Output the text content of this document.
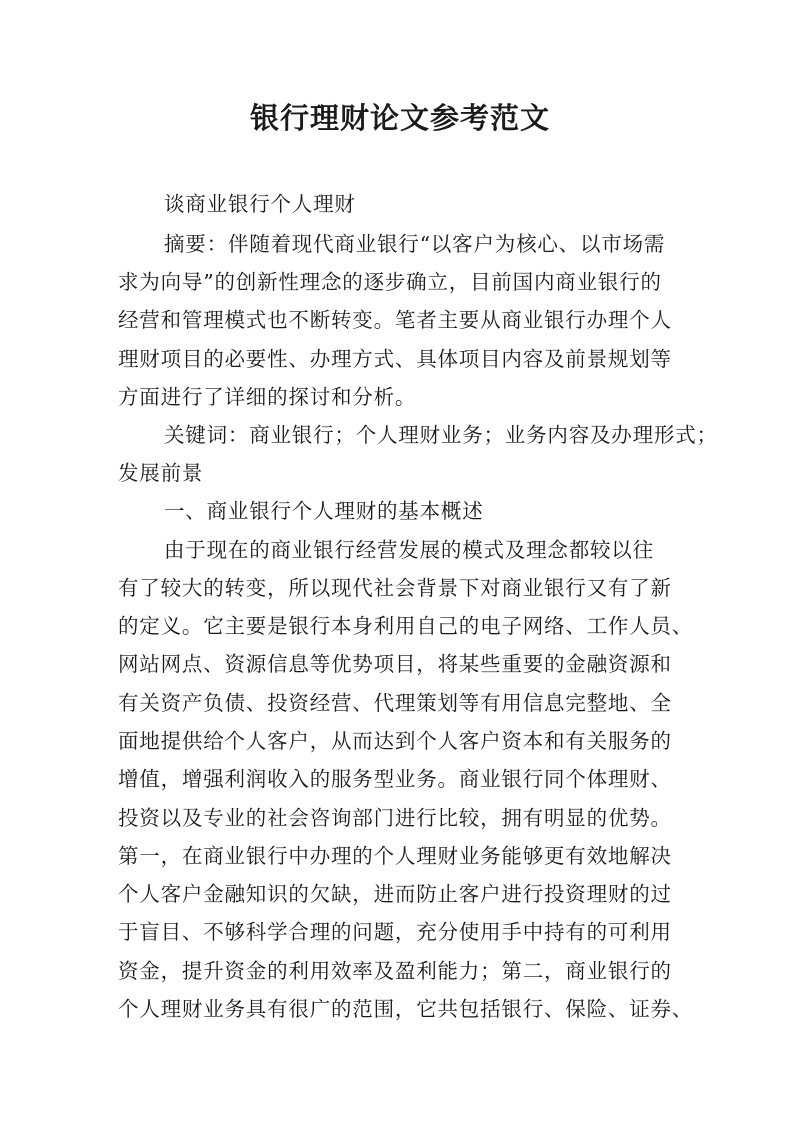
银行理财论文参考范文
谈商业银行个人理财
摘要：伴随着现代商业银行“以客户为核心、以市场需
求为向导”的创新性理念的逐步确立，目前国内商业银行的
经营和管理模式也不断转变。笔者主要从商业银行办理个人
理财项目的必要性、办理方式、具体项目内容及前景规划等
方面进行了详细的探讨和分析。
关键词：商业银行；个人理财业务；业务内容及办理形式；
发展前景
一、商业银行个人理财的基本概述
由于现在的商业银行经营发展的模式及理念都较以往
有了较大的转变，所以现代社会背景下对商业银行又有了新
的定义。它主要是银行本身利用自己的电子网络、工作人员、
网站网点、资源信息等优势项目，将某些重要的金融资源和
有关资产负债、投资经营、代理策划等有用信息完整地、全
面地提供给个人客户，从而达到个人客户资本和有关服务的
增值，增强利润收入的服务型业务。商业银行同个体理财、
投资以及专业的社会咨询部门进行比较，拥有明显的优势。
第一，在商业银行中办理的个人理财业务能够更有效地解决
个人客户金融知识的欠缺，进而防止客户进行投资理财的过
于盲目、不够科学合理的问题，充分使用手中持有的可利用
资金，提升资金的利用效率及盈利能力；第二，商业银行的
个人理财业务具有很广的范围，它共包括银行、保险、证券、
